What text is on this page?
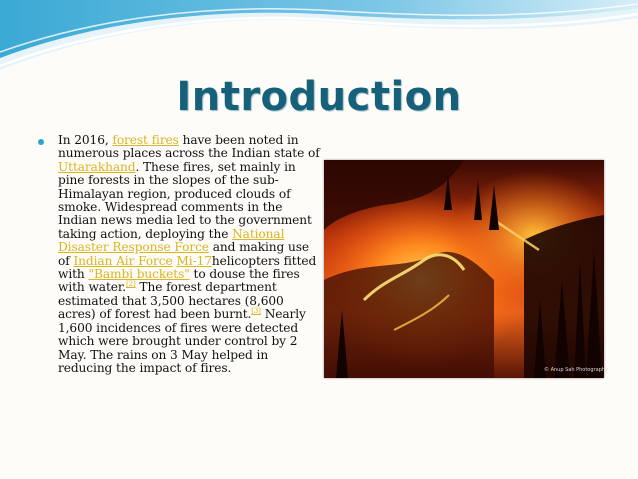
Introduction
In 2016, forest fires have been noted in numerous places across the Indian state of Uttarakhand. These fires, set mainly in pine forests in the slopes of the sub-Himalayan region, produced clouds of smoke. Widespread comments in the Indian news media led to the government taking action, deploying the National Disaster Response Force and making use of Indian Air Force Mi-17helicopters fitted with "Bambi buckets" to douse the fires with water.[2] The forest department estimated that 3,500 hectares (8,600 acres) of forest had been burnt.[3] Nearly 1,600 incidences of fires were detected which were brought under control by 2 May. The rains on 3 May helped in reducing the impact of fires.	© Anup Sah Photography
